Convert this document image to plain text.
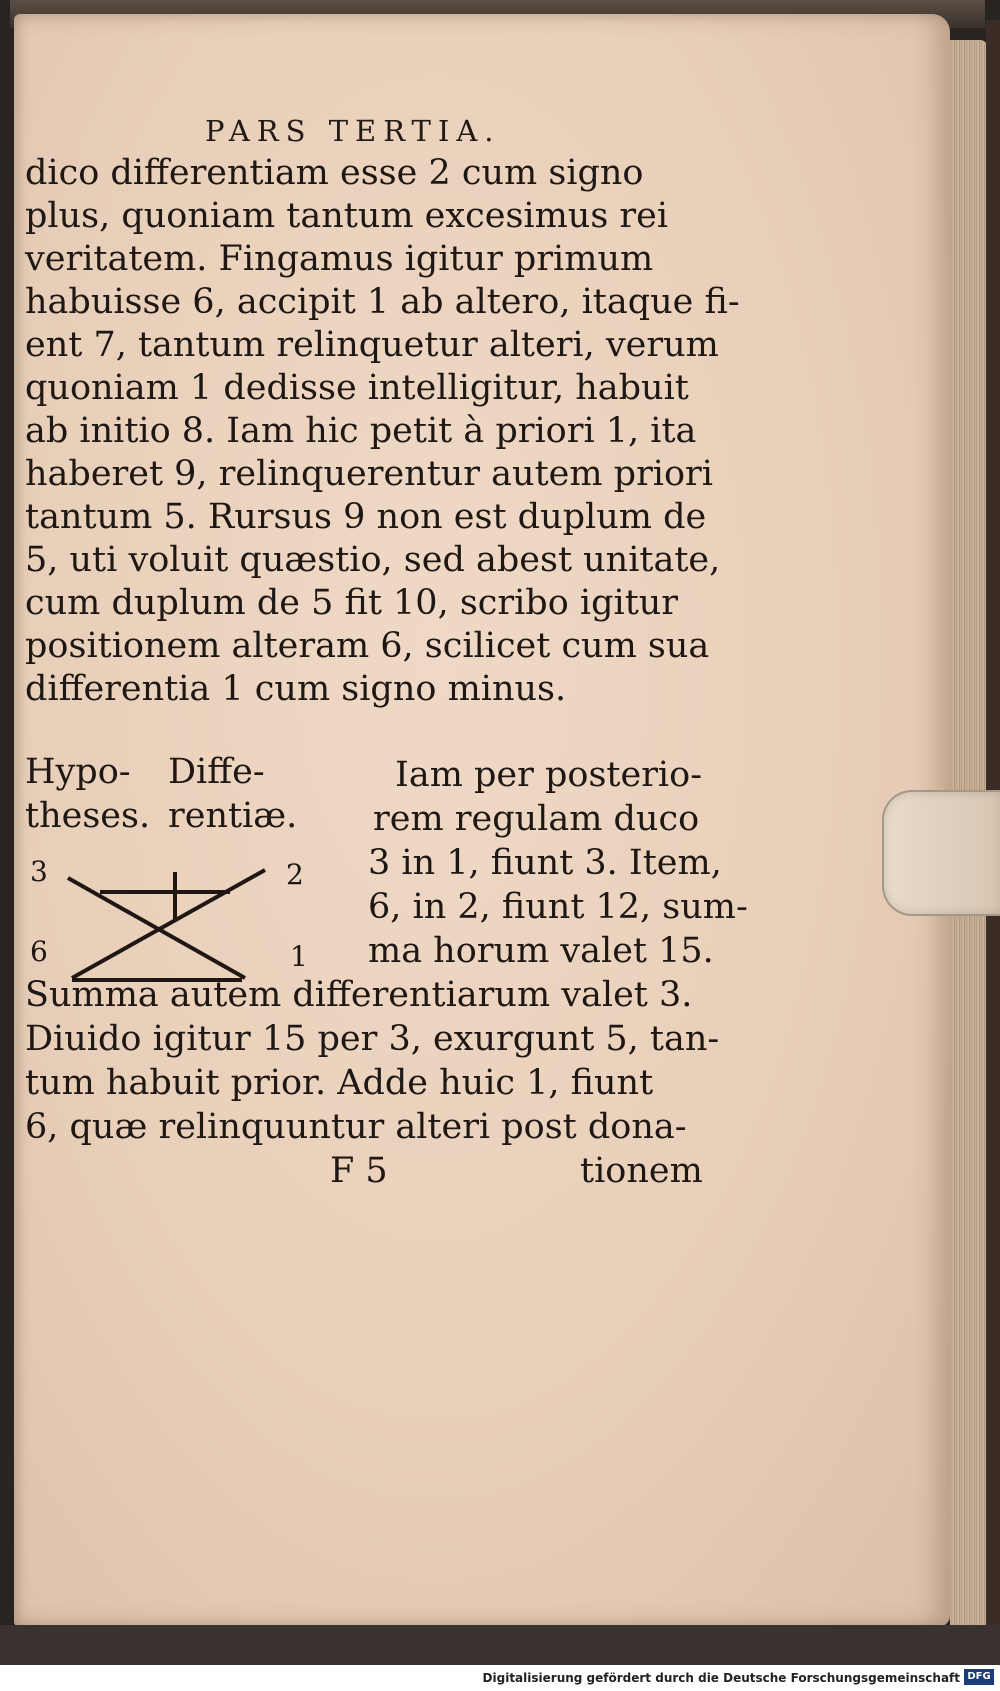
PARS TERTIA.
dico differentiam esse 2 cum signo
plus, quoniam tantum excesimus rei
veritatem. Fingamus igitur primum
habuisse 6, accipit 1 ab altero, itaque fi-
ent 7, tantum relinquetur alteri, verum
quoniam 1 dedisse intelligitur, habuit
ab initio 8. Iam hic petit à priori 1, ita
haberet 9, relinquerentur autem priori
tantum 5. Rursus 9 non est duplum de
5, uti voluit quæstio, sed abest unitate,
cum duplum de 5 fit 10, scribo igitur
positionem alteram 6, scilicet cum sua
differentia 1 cum signo minus.
Hypo-
theses.
Diffe-
rentiæ.
3
6
2
1
Iam per posterio-
rem regulam duco
3 in 1, fiunt 3. Item,
6, in 2, fiunt 12, sum-
ma horum valet 15.
Summa autem differentiarum valet 3.
Diuido igitur 15 per 3, exurgunt 5, tan-
tum habuit prior. Adde huic 1, fiunt
6, quæ relinquuntur alteri post dona-
F 5	tionem
Digitalisierung gefördert durch die Deutsche Forschungsgemeinschaft DFG
